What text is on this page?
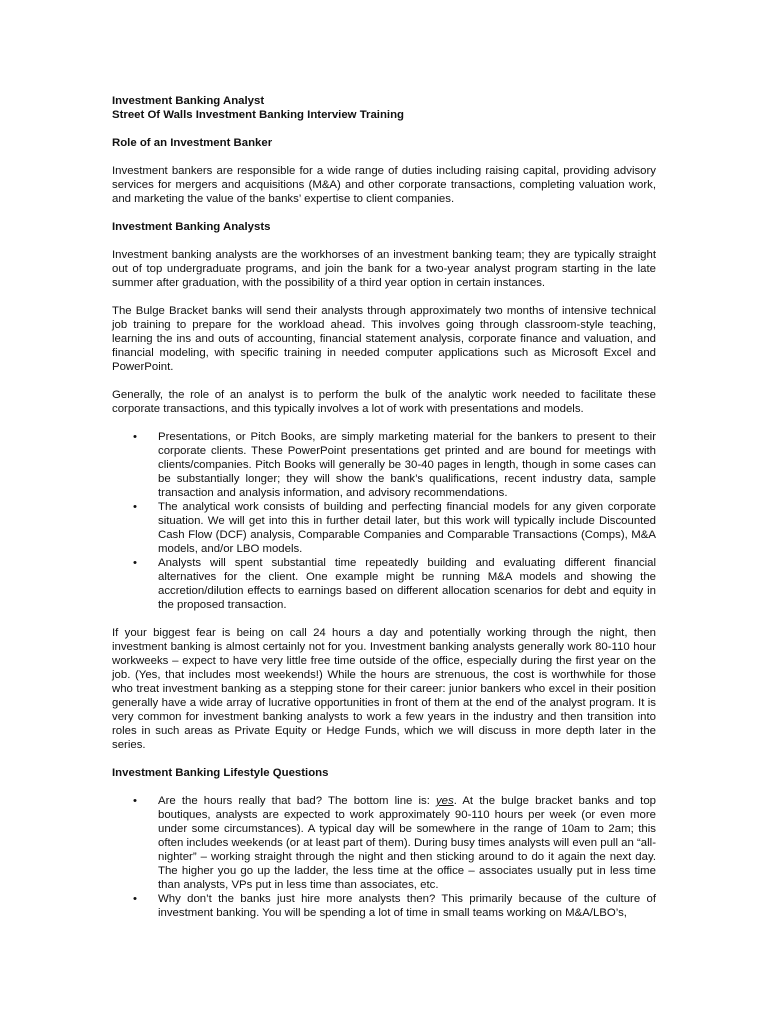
Investment Banking Analyst

Street Of Walls Investment Banking Interview Training

Role of an Investment Banker

Investment bankers are responsible for a wide range of duties including raising capital, providing advisory services for mergers and acquisitions (M&A) and other corporate transactions, completing valuation work, and marketing the value of the banks’ expertise to client companies.

Investment Banking Analysts

Investment banking analysts are the workhorses of an investment banking team; they are typically straight out of top undergraduate programs, and join the bank for a two-year analyst program starting in the late summer after graduation, with the possibility of a third year option in certain instances.

The Bulge Bracket banks will send their analysts through approximately two months of intensive technical job training to prepare for the workload ahead. This involves going through classroom-style teaching, learning the ins and outs of accounting, financial statement analysis, corporate finance and valuation, and financial modeling, with specific training in needed computer applications such as Microsoft Excel and PowerPoint.

Generally, the role of an analyst is to perform the bulk of the analytic work needed to facilitate these corporate transactions, and this typically involves a lot of work with presentations and models.

• Presentations, or Pitch Books, are simply marketing material for the bankers to present to their corporate clients. These PowerPoint presentations get printed and are bound for meetings with clients/companies. Pitch Books will generally be 30-40 pages in length, though in some cases can be substantially longer; they will show the bank’s qualifications, recent industry data, sample transaction and analysis information, and advisory recommendations.
• The analytical work consists of building and perfecting financial models for any given corporate situation. We will get into this in further detail later, but this work will typically include Discounted Cash Flow (DCF) analysis, Comparable Companies and Comparable Transactions (Comps), M&A models, and/or LBO models.
• Analysts will spent substantial time repeatedly building and evaluating different financial alternatives for the client. One example might be running M&A models and showing the accretion/dilution effects to earnings based on different allocation scenarios for debt and equity in the proposed transaction.

If your biggest fear is being on call 24 hours a day and potentially working through the night, then investment banking is almost certainly not for you. Investment banking analysts generally work 80-110 hour workweeks – expect to have very little free time outside of the office, especially during the first year on the job. (Yes, that includes most weekends!) While the hours are strenuous, the cost is worthwhile for those who treat investment banking as a stepping stone for their career: junior bankers who excel in their position generally have a wide array of lucrative opportunities in front of them at the end of the analyst program. It is very common for investment banking analysts to work a few years in the industry and then transition into roles in such areas as Private Equity or Hedge Funds, which we will discuss in more depth later in the series.

Investment Banking Lifestyle Questions

• Are the hours really that bad? The bottom line is: yes. At the bulge bracket banks and top boutiques, analysts are expected to work approximately 90-110 hours per week (or even more under some circumstances). A typical day will be somewhere in the range of 10am to 2am; this often includes weekends (or at least part of them). During busy times analysts will even pull an “all-nighter” – working straight through the night and then sticking around to do it again the next day. The higher you go up the ladder, the less time at the office – associates usually put in less time than analysts, VPs put in less time than associates, etc.
• Why don’t the banks just hire more analysts then? This primarily because of the culture of investment banking. You will be spending a lot of time in small teams working on M&A/LBO’s,
